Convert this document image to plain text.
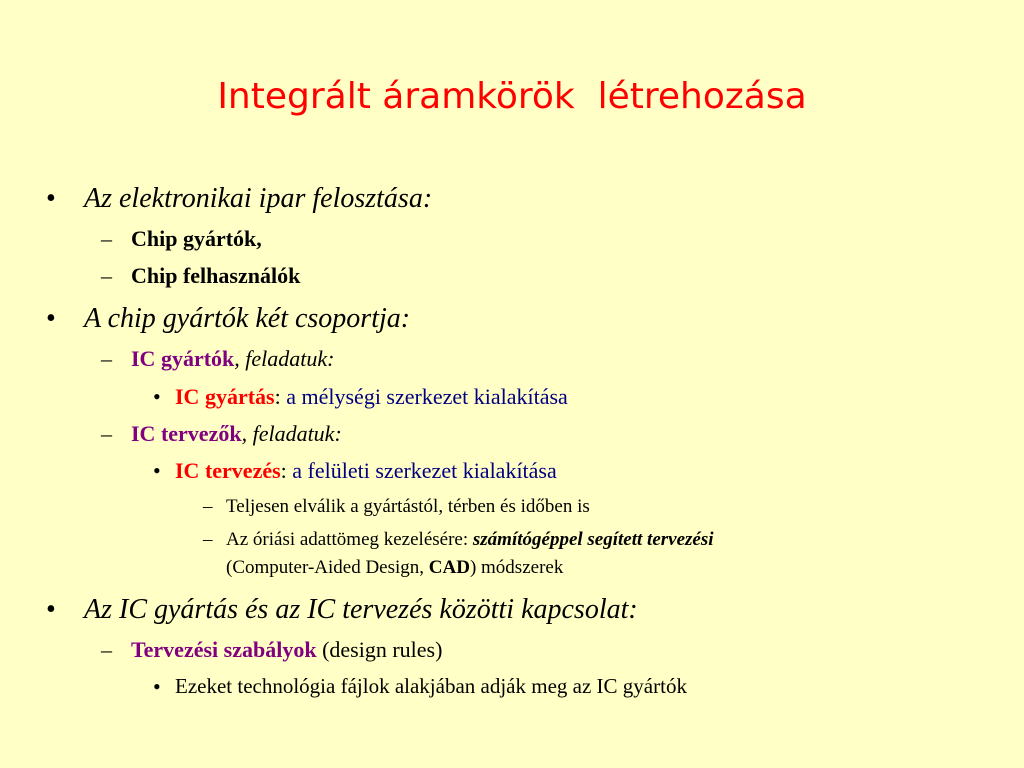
Integrált áramkörök  létrehozása
• Az elektronikai ipar felosztása:
– Chip gyártók,
– Chip felhasználók
• A chip gyártók két csoportja:
– IC gyártók, feladatuk:
• IC gyártás: a mélységi szerkezet kialakítása
– IC tervezők, feladatuk:
• IC tervezés: a felületi szerkezet kialakítása
– Teljesen elválik a gyártástól, térben és időben is
– Az óriási adattömeg kezelésére: számítógéppel segített tervezési
(Computer-Aided Design, CAD) módszerek
• Az IC gyártás és az IC tervezés közötti kapcsolat:
– Tervezési szabályok (design rules)
• Ezeket technológia fájlok alakjában adják meg az IC gyártók
